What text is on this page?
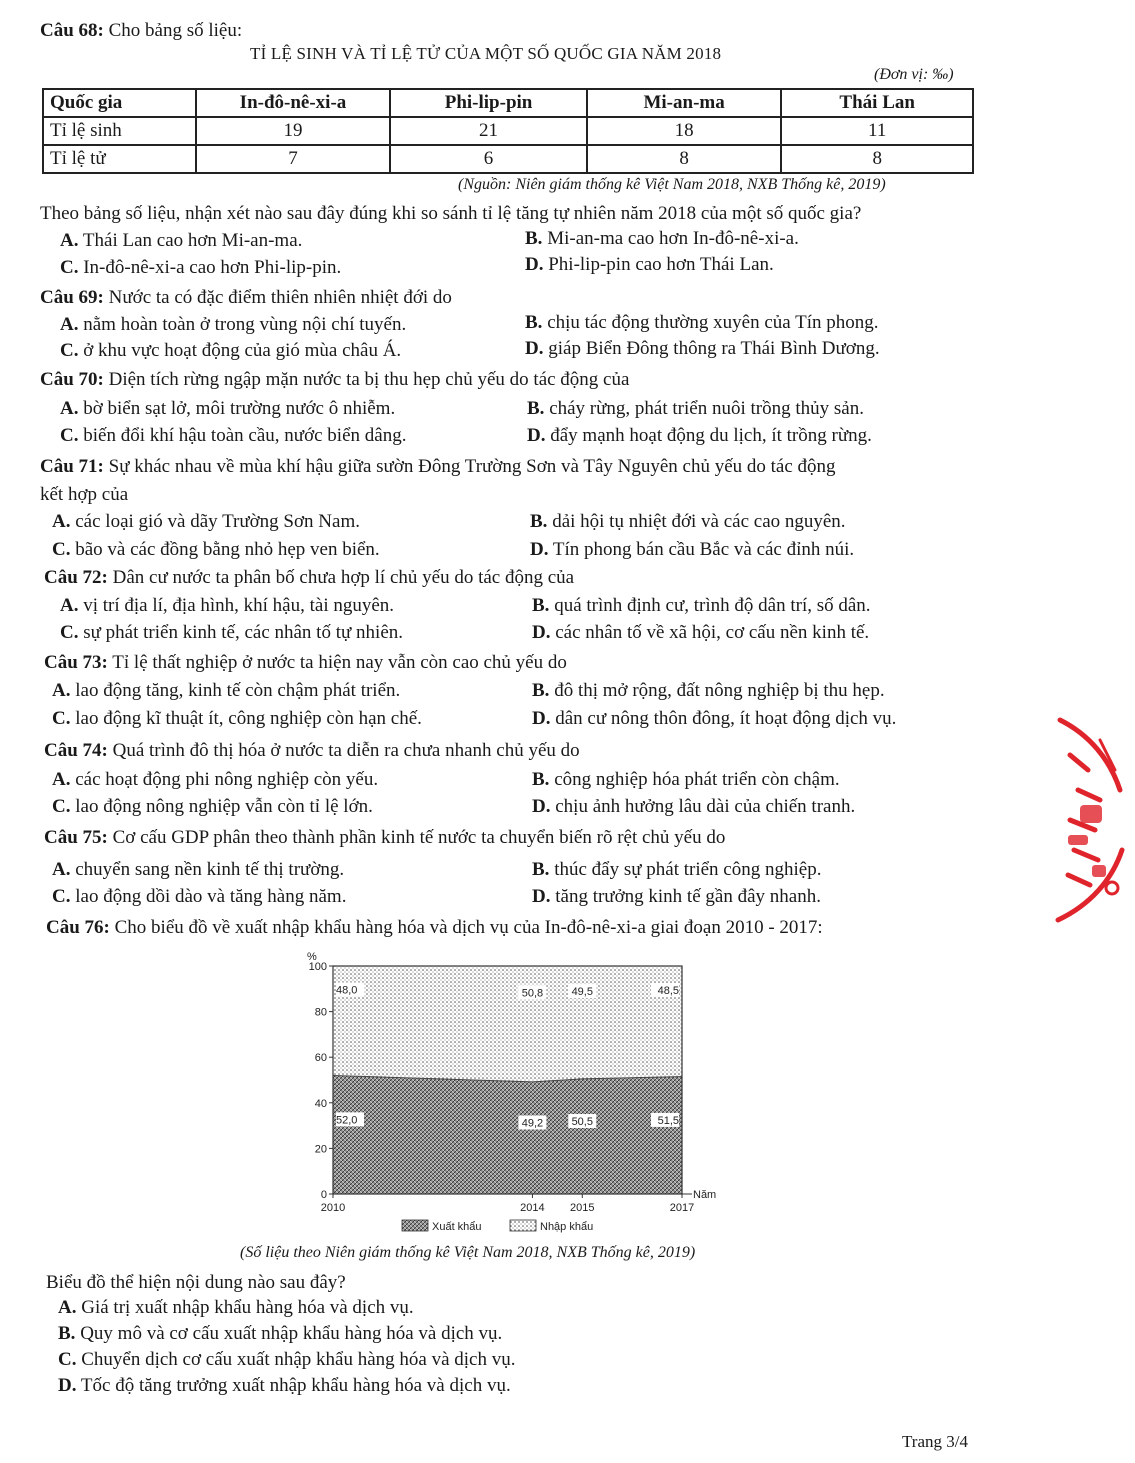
Câu 68: Cho bảng số liệu:
TỈ LỆ SINH VÀ TỈ LỆ TỬ CỦA MỘT SỐ QUỐC GIA NĂM 2018
(Đơn vị: ‰)
Quốc gia	In-đô-nê-xi-a	Phi-lip-pin	Mi-an-ma	Thái Lan
Tỉ lệ sinh	19	21	18	11
Tỉ lệ tử	7	6	8	8
(Nguồn: Niên giám thống kê Việt Nam 2018, NXB Thống kê, 2019)
Theo bảng số liệu, nhận xét nào sau đây đúng khi so sánh tỉ lệ tăng tự nhiên năm 2018 của một số quốc gia?
A. Thái Lan cao hơn Mi-an-ma.	B. Mi-an-ma cao hơn In-đô-nê-xi-a.
C. In-đô-nê-xi-a cao hơn Phi-lip-pin.	D. Phi-lip-pin cao hơn Thái Lan.
Câu 69: Nước ta có đặc điểm thiên nhiên nhiệt đới do
A. nằm hoàn toàn ở trong vùng nội chí tuyến.	B. chịu tác động thường xuyên của Tín phong.
C. ở khu vực hoạt động của gió mùa châu Á.	D. giáp Biển Đông thông ra Thái Bình Dương.
Câu 70: Diện tích rừng ngập mặn nước ta bị thu hẹp chủ yếu do tác động của
A. bờ biển sạt lở, môi trường nước ô nhiễm.	B. cháy rừng, phát triển nuôi trồng thủy sản.
C. biến đổi khí hậu toàn cầu, nước biển dâng.	D. đẩy mạnh hoạt động du lịch, ít trồng rừng.
Câu 71: Sự khác nhau về mùa khí hậu giữa sườn Đông Trường Sơn và Tây Nguyên chủ yếu do tác động
kết hợp của
A. các loại gió và dãy Trường Sơn Nam.	B. dải hội tụ nhiệt đới và các cao nguyên.
C. bão và các đồng bằng nhỏ hẹp ven biển.	D. Tín phong bán cầu Bắc và các đỉnh núi.
Câu 72: Dân cư nước ta phân bố chưa hợp lí chủ yếu do tác động của
A. vị trí địa lí, địa hình, khí hậu, tài nguyên.	B. quá trình định cư, trình độ dân trí, số dân.
C. sự phát triển kinh tế, các nhân tố tự nhiên.	D. các nhân tố về xã hội, cơ cấu nền kinh tế.
Câu 73: Tỉ lệ thất nghiệp ở nước ta hiện nay vẫn còn cao chủ yếu do
A. lao động tăng, kinh tế còn chậm phát triển.	B. đô thị mở rộng, đất nông nghiệp bị thu hẹp.
C. lao động kĩ thuật ít, công nghiệp còn hạn chế.	D. dân cư nông thôn đông, ít hoạt động dịch vụ.
Câu 74: Quá trình đô thị hóa ở nước ta diễn ra chưa nhanh chủ yếu do
A. các hoạt động phi nông nghiệp còn yếu.	B. công nghiệp hóa phát triển còn chậm.
C. lao động nông nghiệp vẫn còn tỉ lệ lớn.	D. chịu ảnh hưởng lâu dài của chiến tranh.
Câu 75: Cơ cấu GDP phân theo thành phần kinh tế nước ta chuyển biến rõ rệt chủ yếu do
A. chuyển sang nền kinh tế thị trường.	B. thúc đẩy sự phát triển công nghiệp.
C. lao động dồi dào và tăng hàng năm.	D. tăng trưởng kinh tế gần đây nhanh.
Câu 76: Cho biểu đồ về xuất nhập khẩu hàng hóa và dịch vụ của In-đô-nê-xi-a giai đoạn 2010 - 2017:
0
20
40
60
80
100
%
2010	2014 2015	2017
Năm
52,0
48,0
49,2
50,8
50,5
49,5
51,5
48,5
Xuất khẩu	Nhập khẩu
(Số liệu theo Niên giám thống kê Việt Nam 2018, NXB Thống kê, 2019)
Biểu đồ thể hiện nội dung nào sau đây?
A. Giá trị xuất nhập khẩu hàng hóa và dịch vụ.
B. Quy mô và cơ cấu xuất nhập khẩu hàng hóa và dịch vụ.
C. Chuyển dịch cơ cấu xuất nhập khẩu hàng hóa và dịch vụ.
D. Tốc độ tăng trưởng xuất nhập khẩu hàng hóa và dịch vụ.
Trang 3/4
